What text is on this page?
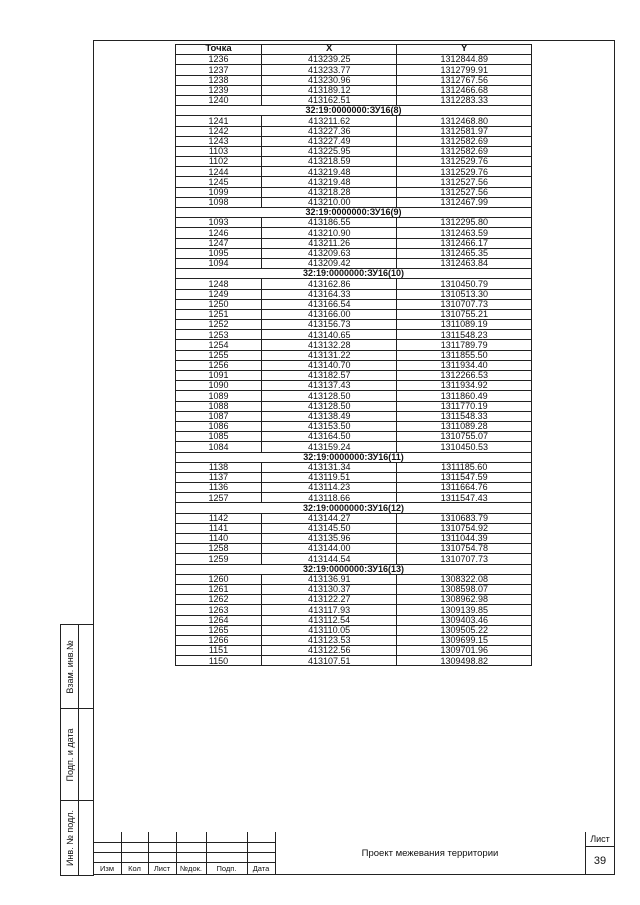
Точка	X	Y
1236	413239.25	1312844.89
1237	413233.77	1312799.91
1238	413230.96	1312767.56
1239	413189.12	1312466.68
1240	413162.51	1312283.33
32:19:0000000:ЗУ16(8)		
1241	413211.62	1312468.80
1242	413227.36	1312581.97
1243	413227.49	1312582.69
1103	413225.95	1312582.69
1102	413218.59	1312529.76
1244	413219.48	1312529.76
1245	413219.48	1312527.56
1099	413218.28	1312527.56
1098	413210.00	1312467.99
32:19:0000000:ЗУ16(9)		
1093	413186.55	1312295.80
1246	413210.90	1312463.59
1247	413211.26	1312466.17
1095	413209.63	1312465.35
1094	413209.42	1312463.84
32:19:0000000:ЗУ16(10)		
1248	413162.86	1310450.79
1249	413164.33	1310513.30
1250	413166.54	1310707.73
1251	413166.00	1310755.21
1252	413156.73	1311089.19
1253	413140.65	1311548.23
1254	413132.28	1311789.79
1255	413131.22	1311855.50
1256	413140.70	1311934.40
1091	413182.57	1312266.53
1090	413137.43	1311934.92
1089	413128.50	1311860.49
1088	413128.50	1311770.19
1087	413138.49	1311548.33
1086	413153.50	1311089.28
1085	413164.50	1310755.07
1084	413159.24	1310450.53
32:19:0000000:ЗУ16(11)		
1138	413131.34	1311185.60
1137	413119.51	1311547.59
1136	413114.23	1311664.76
1257	413118.66	1311547.43
32:19:0000000:ЗУ16(12)		
1142	413144.27	1310683.79
1141	413145.50	1310754.92
1140	413135.96	1311044.39
1258	413144.00	1310754.78
1259	413144.54	1310707.73
32:19:0000000:ЗУ16(13)		
1260	413136.91	1308322.08
1261	413130.37	1308598.07
1262	413122.27	1308962.98
1263	413117.93	1309139.85
1264	413112.54	1309403.46
1265	413110.05	1309505.22
1266	413123.53	1309699.15
1151	413122.56	1309701.96
1150	413107.51	1309498.82
Взам. инв.№
Подп. и дата
Инв. № подл.
Изм	Кол	Лист	№док.	Подп.	Дата
Проект межевания территории
Лист
39
